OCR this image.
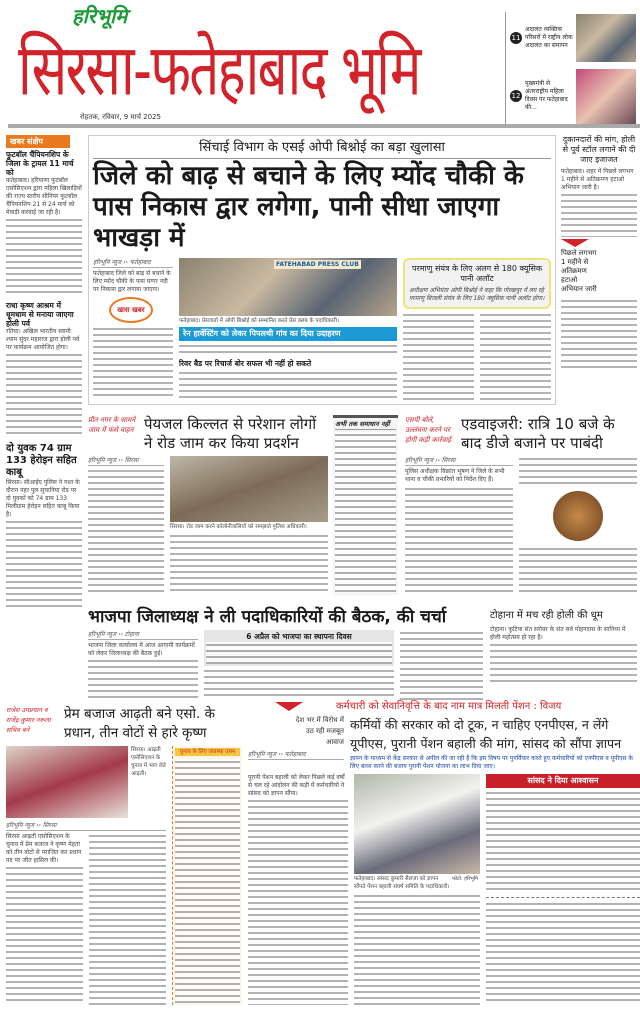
हरिभूमि
सिरसा-फतेहाबाद भूमि
रोहतक, रविवार, 9 मार्च 2025
11
अदालत व्यक्तिक परिसरों में राष्ट्रीय लोक अदालत का समापन
12
मुख्यमंत्री से अंतरराष्ट्रीय महिला दिवस पर फतेहाबाद की...
खबर संक्षेप
फुटबॉल चैंपियनशिप के जिला के ट्रायल 11 मार्च को
फतेहाबाद। हरियाणा फुटबॉल एसोसिएशन द्वारा महिला खिलाड़ियों की राज्य स्तरीय सीनियर फुटबॉल चैंपियनशिप 21 से 24 मार्च को मेवाड़ी करवाई जा रही है।
राधा कृष्ण आश्रम में धूमधाम से मनाया जाएगा होली पर्व
रतिया। अखिल भारतीय स्वामी श्याम सुंदर महाराज द्वारा होली पर्व पर कार्यक्रम आयोजित होगा।
दो युवक 74 ग्राम 133 हेरोइन सहित काबू
सिरसा। सीआईए पुलिस ने गश्त के दौरान नहर पुल सुचानिया रोड पर दो युवकों को 74 ग्राम 133 मिलीग्राम हेरोइन सहित काबू किया है।
सिंचाई विभाग के एसई ओपी बिश्नोई का बड़ा खुलासा
जिले को बाढ़ से बचाने के लिए म्योंद चौकी के पास निकास द्वार लगेगा, पानी सीधा जाएगा भाखड़ा में
हरिभूमि न्यूज ›› फतेहाबाद
फतेहाबाद जिले को बाढ़ से बचाने के लिए म्योंद चौकी के पास घग्गर नदी पर निकास द्वार लगाया जाएगा।
खास खबर
FATEHABAD PRESS CLUB
फतेहाबाद। प्रेसवार्ता में ओपी बिश्नोई को सम्मानित करते प्रेस क्लब के पदाधिकारी।
रेन हार्वेस्टिंग को लेकर पिपलथी गांव का दिया उदाहरण
रिवर बैड पर रिचार्ज बोर सफल भी नहीं हो सकते
परमाणु संयंत्र के लिए अलग से 180 क्यूसिक पानी अलॉट
अधीक्षण अभियंता ओपी बिश्नोई ने कहा कि गोरखपुर में लग रहे परमाणु बिजली संयंत्र के लिए 180 क्यूसिक पानी अलॉट होगा।
दुकानदारों की मांग, होली से पूर्व स्टॉल लगाने की दी जाए इजाजत
फतेहाबाद। शहर में पिछले लगभग 1 महीने से अतिक्रमण हटाओ अभियान जारी है।
पिछले लगभग 1 महीने से अतिक्रमण हटाओ अभियान जारी
प्रीत नगर के सामने जाम में फंसे वाहन पेयजल किल्लत से परेशान लोगों ने रोड जाम कर किया प्रदर्शन
हरिभूमि न्यूज ›› सिरसा
सिरसा। रोड जाम करने कॉलोनीवासियों को समझाते पुलिस अधिकारी।
अभी तक समाधान नहीं	एसपी बोले, उल्लंघना करने पर होगी कड़ी कार्रवाई
एडवाइजरी: रात्रि 10 बजे के बाद डीजे बजाने पर पाबंदी
हरिभूमि न्यूज ›› सिरसा
पुलिस अधीक्षक विक्रांत भूषण ने जिले के सभी थाना व चौकी प्रभारियों को निर्देश दिए हैं।
भाजपा जिलाध्यक्ष ने ली पदाधिकारियों की बैठक, की चर्चा
हरिभूमि न्यूज ›› टोहाना
भाजपा जिला कार्यालय में आज आगामी कार्यक्रमों को लेकर जिलाध्यक्ष की बैठक हुई।
6 अप्रैल को भाजपा का स्थापना दिवस
टोहाना में मच रही होली की धूम
टोहाना। कुटिया संत सरोवर के संत सर्व मोहनदास के सानिध्य में होली महोत्सव हो रहा है।
राजेश उपप्रधान व राजेंद्र कुमार नरूला सचिव बने
प्रेम बजाज आढ़ती बने एसो. के प्रधान, तीन वोटों से हारे कृष्ण
सिरसा। आढ़ती एसोसिएशन के चुनाव में भाग लेते आढ़ती।
हरिभूमि न्यूज ›› सिरसा
सिरसा आढ़ती एसोसिएशन के चुनाव में प्रेम बजाज ने कृष्ण मेहता को तीन वोटों से पराजित कर प्रधान पद पर जीत हासिल की।
चुनाव के लिए व्यवस्था उत्तम
कर्मचारी को सेवानिवृत्ति के बाद नाम मात्र मिलती पेंशन : विजय
देश भर में विरोध में उठ रही मजबूत आवाज
हरिभूमि न्यूज ›› फतेहाबाद
कर्मियों की सरकार को दो टूक, न चाहिए एनपीएस, न लेंगे यूपीएस, पुरानी पेंशन बहाली की मांग, सांसद को सौंपा ज्ञापन
ज्ञापन के माध्यम से केंद्र सरकार से अपील की जा रही है कि इस विषय पर पुनर्विचार करते हुए कर्मचारियों को एनपीएस व यूपीएस के लिए बाध्य करने की बजाय पुरानी पेंशन योजना का लाभ दिया जाए।
पुरानी पेंशन बहाली को लेकर पिछले कई वर्षों से चल रहे आंदोलन की कड़ी में कर्मचारियों ने सांसद को ज्ञापन सौंपा।
फतेहाबाद। सांसद कुमारी सैलजा को ज्ञापन सौंपते पेंशन बहाली संघर्ष समिति के पदाधिकारी।
फोटो: हरिभूमि
सांसद ने दिया आश्वासन
